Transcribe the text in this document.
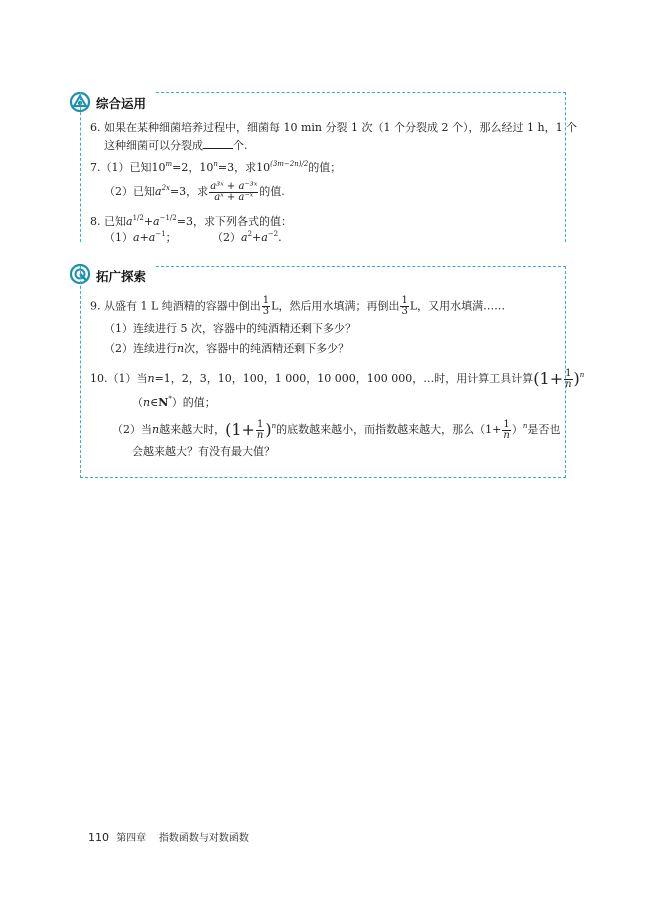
综合运用
6. 如果在某种细菌培养过程中，细菌每 10 min 分裂 1 次（1 个分裂成 2 个），那么经过 1 h，1 个
这种细菌可以分裂成	个.
7.（1）已知$10^m=2$，$10^n=3$，求$10^{(3m-2n)/2}$的值；
（2）已知$a^{2x}=3$，求 $\frac{\text{a³ˣ + a⁻³ˣ}}{\text{aˣ + a⁻ˣ}}$ 的值.
8. 已知$a^{1/2}+a^{-1/2}=3$，求下列各式的值：
$(1)a+a^{-1}$；	$(2)a^2+a^{-2}$.
拓广探索
9. 从盛有 1 L 纯酒精的容器中倒出 $\frac{1}{3}$ L，然后用水填满；再倒出 $\frac{1}{3}$ L，又用水填满……
（1）连续进行 5 次，容器中的纯酒精还剩下多少？
（2）连续进行n次，容器中的纯酒精还剩下多少？
10.（1）当n=1，2，3，10，100，1 000，10 000，100 000，…时，用计算工具计算$(1+ \frac{1}{n} )^n$
（n∈N*）的值；
（2）当n越来越大时，$(1+ \frac{1}{n} )^n$的底数越来越小，而指数越来越大，那么$(1+ \frac{1}{n} )^n$是否也
会越来越大？有没有最大值？
110 第四章 指数函数与对数函数
